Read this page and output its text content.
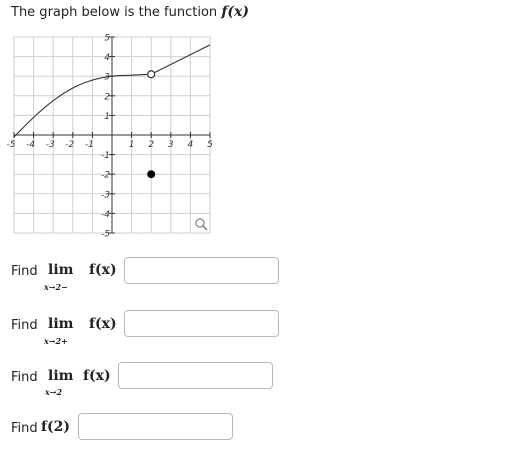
The graph below is the function f(x)
-5 -4 -3 -2 -1	1 2 3 4 5
5
4
3
2
1
-1
-2
-3
-4
-5
Find lim
x→2−
f(x)
Find lim
x→2+
f(x)
Find lim
x→2
f(x)
Find f(2)
